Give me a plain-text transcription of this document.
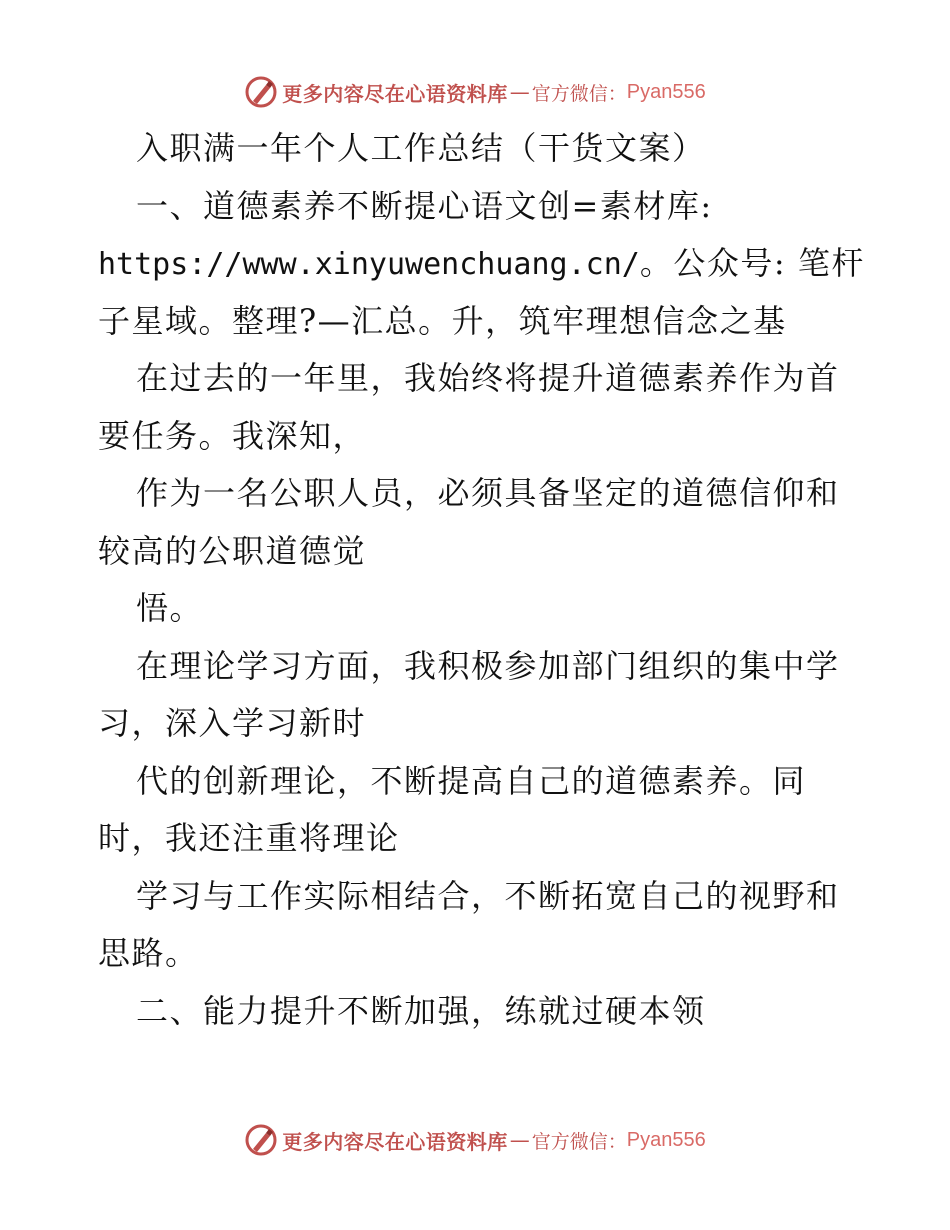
更多内容尽在心语资料库 — 官方微信： Pyan556
入职满一年个人工作总结（干货文案）
一、道德素养不断提心语文创=素材库:
https://www.xinyuwenchuang.cn/。公众号: 笔杆
子星域。整理?—汇总。升，筑牢理想信念之基
在过去的一年里，我始终将提升道德素养作为首
要任务。我深知，
作为一名公职人员，必须具备坚定的道德信仰和
较高的公职道德觉
悟。
在理论学习方面，我积极参加部门组织的集中学
习，深入学习新时
代的创新理论，不断提高自己的道德素养。同
时，我还注重将理论
学习与工作实际相结合，不断拓宽自己的视野和
思路。
二、能力提升不断加强，练就过硬本领
更多内容尽在心语资料库 — 官方微信： Pyan556
